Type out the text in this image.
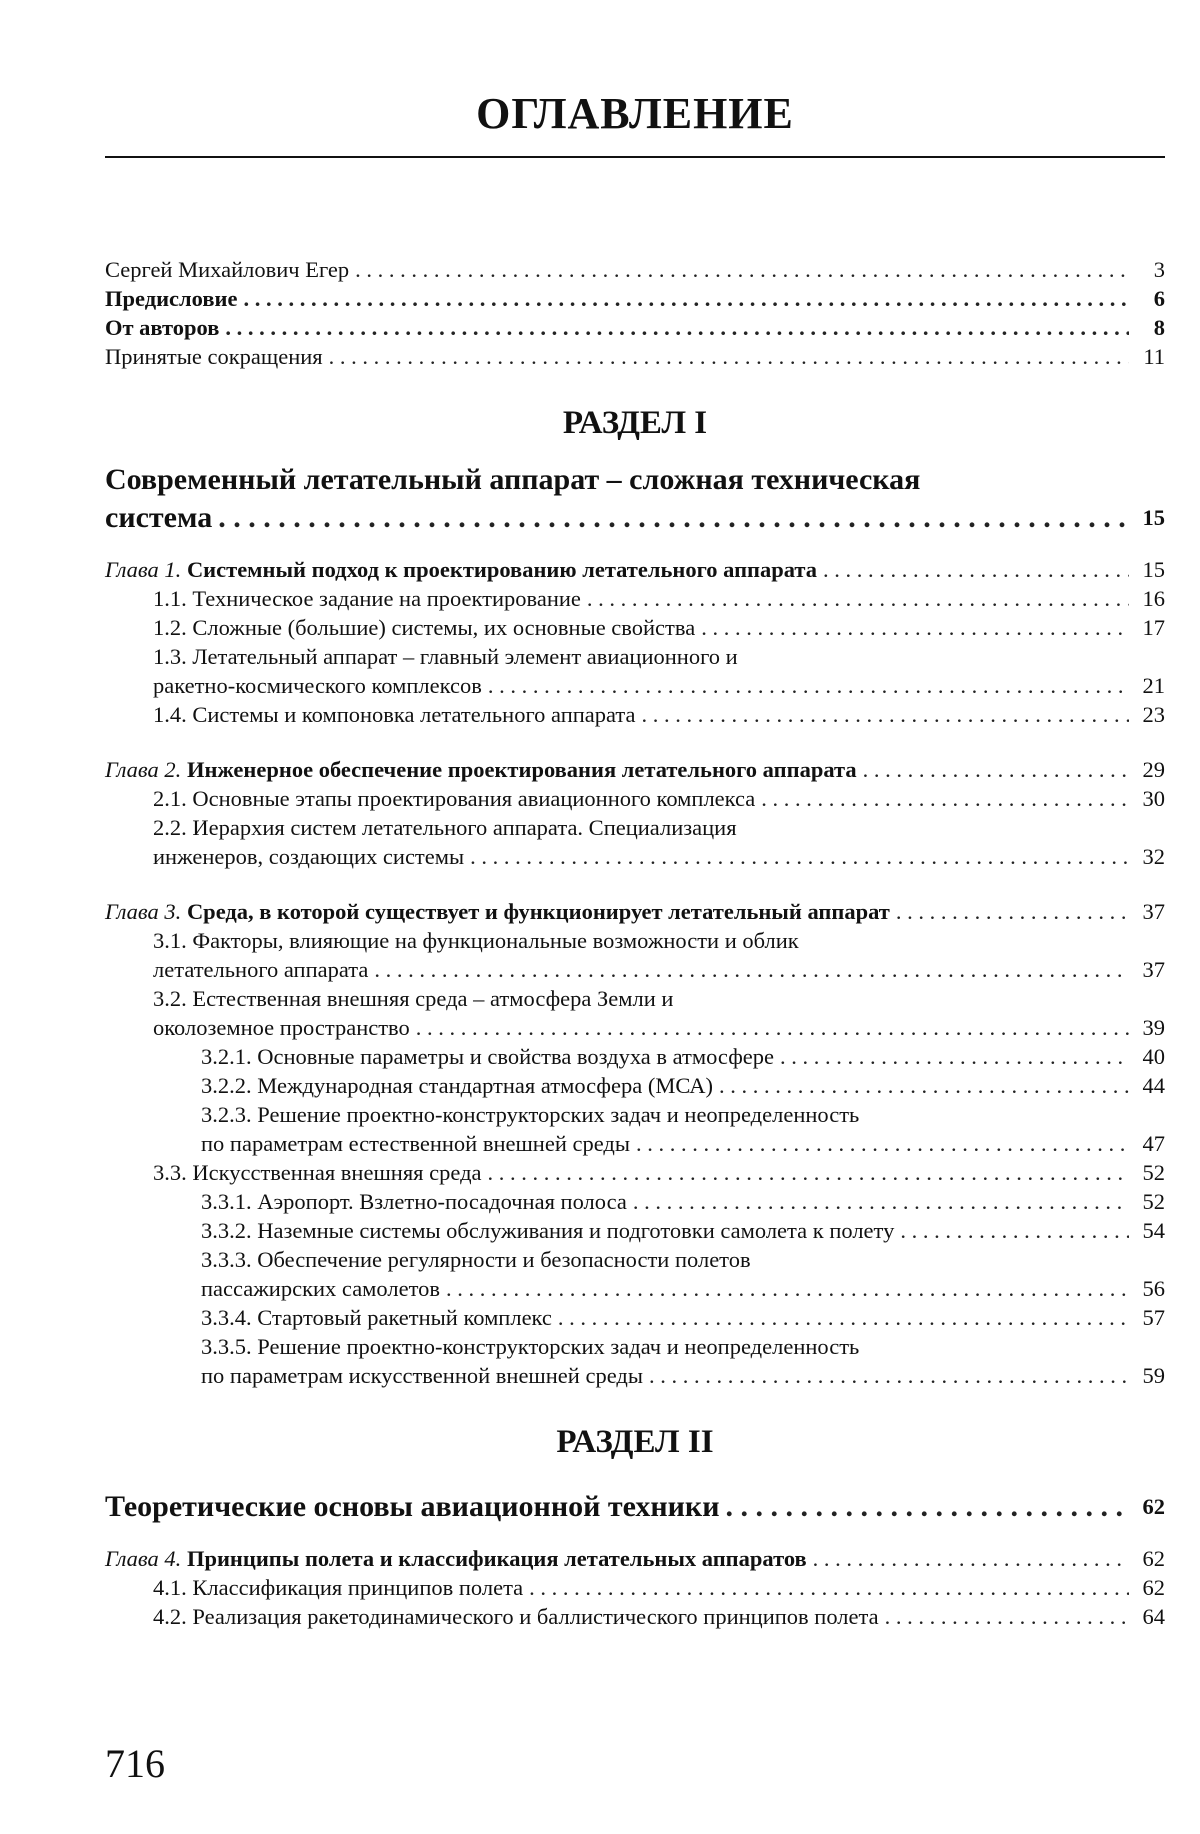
ОГЛАВЛЕНИЕ
Сергей Михайлович Егер . . .	3
Предисловие . . .	6
От авторов . . .	8
Принятые сокращения . . .	11
РАЗДЕЛ I
Современный летательный аппарат – сложная техническая
система . . .	15
Глава 1. Системный подход к проектированию летательного аппарата . . .	15
1.1. Техническое задание на проектирование . . .	16
1.2. Сложные (большие) системы, их основные свойства . . .	17
1.3. Летательный аппарат – главный элемент авиационного и
ракетно-космического комплексов . . .	21
1.4. Системы и компоновка летательного аппарата . . .	23
Глава 2. Инженерное обеспечение проектирования летательного аппарата . . .	29
2.1. Основные этапы проектирования авиационного комплекса . . .	30
2.2. Иерархия систем летательного аппарата. Специализация
инженеров, создающих системы . . .	32
Глава 3. Среда, в которой существует и функционирует летательный аппарат . . .	37
3.1. Факторы, влияющие на функциональные возможности и облик
летательного аппарата . . .	37
3.2. Естественная внешняя среда – атмосфера Земли и
околоземное пространство . . .	39
3.2.1. Основные параметры и свойства воздуха в атмосфере . . .	40
3.2.2. Международная стандартная атмосфера (МСА) . . .	44
3.2.3. Решение проектно-конструкторских задач и неопределенность
по параметрам естественной внешней среды . . .	47
3.3. Искусственная внешняя среда . . .	52
3.3.1. Аэропорт. Взлетно-посадочная полоса . . .	52
3.3.2. Наземные системы обслуживания и подготовки самолета к полету . . .	54
3.3.3. Обеспечение регулярности и безопасности полетов
пассажирских самолетов . . .	56
3.3.4. Стартовый ракетный комплекс . . .	57
3.3.5. Решение проектно-конструкторских задач и неопределенность
по параметрам искусственной внешней среды . . .	59
РАЗДЕЛ II
Теоретические основы авиационной техники . . .	62
Глава 4. Принципы полета и классификация летательных аппаратов . . .	62
4.1. Классификация принципов полета . . .	62
4.2. Реализация ракетодинамического и баллистического принципов полета . . .	64
716
